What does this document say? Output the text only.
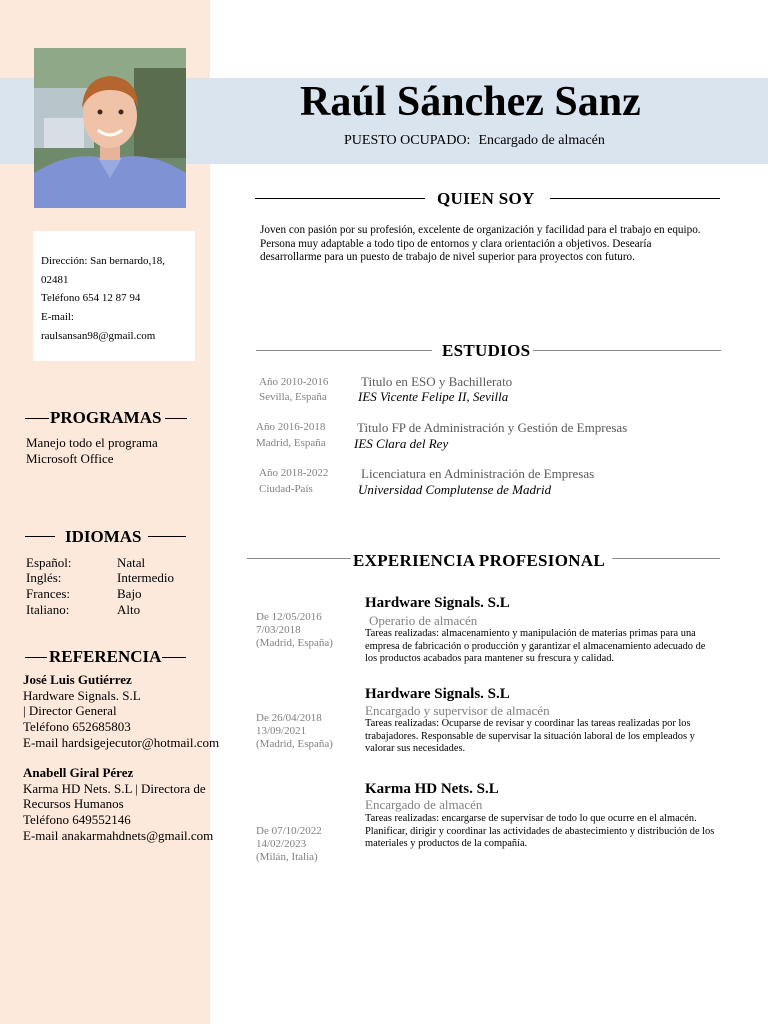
Raúl Sánchez Sanz
PUESTO OCUPADO: Encargado de almacén
Dirección: San bernardo,18,
02481
Teléfono 654 12 87 94
E-mail:
raulsansan98@gmail.com
PROGRAMAS
Manejo todo el programa Microsoft Office
IDIOMAS
Español:	Natal
Inglés:	Intermedio
Frances:	Bajo
Italiano:	Alto
REFERENCIA
José Luis Gutiérrez
Hardware Signals. S.L
| Director General
Teléfono 652685803
E-mail hardsigejecutor@hotmail.com
Anabell Giral Pérez
Karma HD Nets. S.L | Directora de
Recursos Humanos
Teléfono 649552146
E-mail anakarmahdnets@gmail.com
QUIEN SOY
Joven con pasión por su profesión, excelente de organización y facilidad para el trabajo en equipo. Persona muy adaptable a todo tipo de entornos y clara orientación a objetivos. Desearía desarrollarme para un puesto de trabajo de nivel superior para proyectos con futuro.
ESTUDIOS
Año 2010-2016
Sevilla, España
Titulo en ESO y Bachillerato
IES Vicente Felipe II, Sevilla
Año 2016-2018
Madrid, España
Titulo FP de Administración y Gestión de Empresas
IES Clara del Rey
Año 2018-2022
Ciudad-País
Licenciatura en Administración de Empresas
Universidad Complutense de Madrid
EXPERIENCIA PROFESIONAL
De 12/05/2016
7/03/2018
(Madrid, España)
Hardware Signals. S.L
Operario de almacén
Tareas realizadas: almacenamiento y manipulación de materias primas para una empresa de fabricación o producción y garantizar el almacenamiento adecuado de los productos acabados para mantener su frescura y calidad.
De 26/04/2018
13/09/2021
(Madrid, España)
Hardware Signals. S.L
Encargado y supervisor de almacén
Tareas realizadas: Ocuparse de revisar y coordinar las tareas realizadas por los trabajadores. Responsable de supervisar la situación laboral de los empleados y valorar sus necesidades.
De 07/10/2022
14/02/2023
(Milán, Italia)
Karma HD Nets. S.L
Encargado de almacén
Tareas realizadas: encargarse de supervisar de todo lo que ocurre en el almacén. Planificar, dirigir y coordinar las actividades de abastecimiento y distribución de los materiales y productos de la compañía.
